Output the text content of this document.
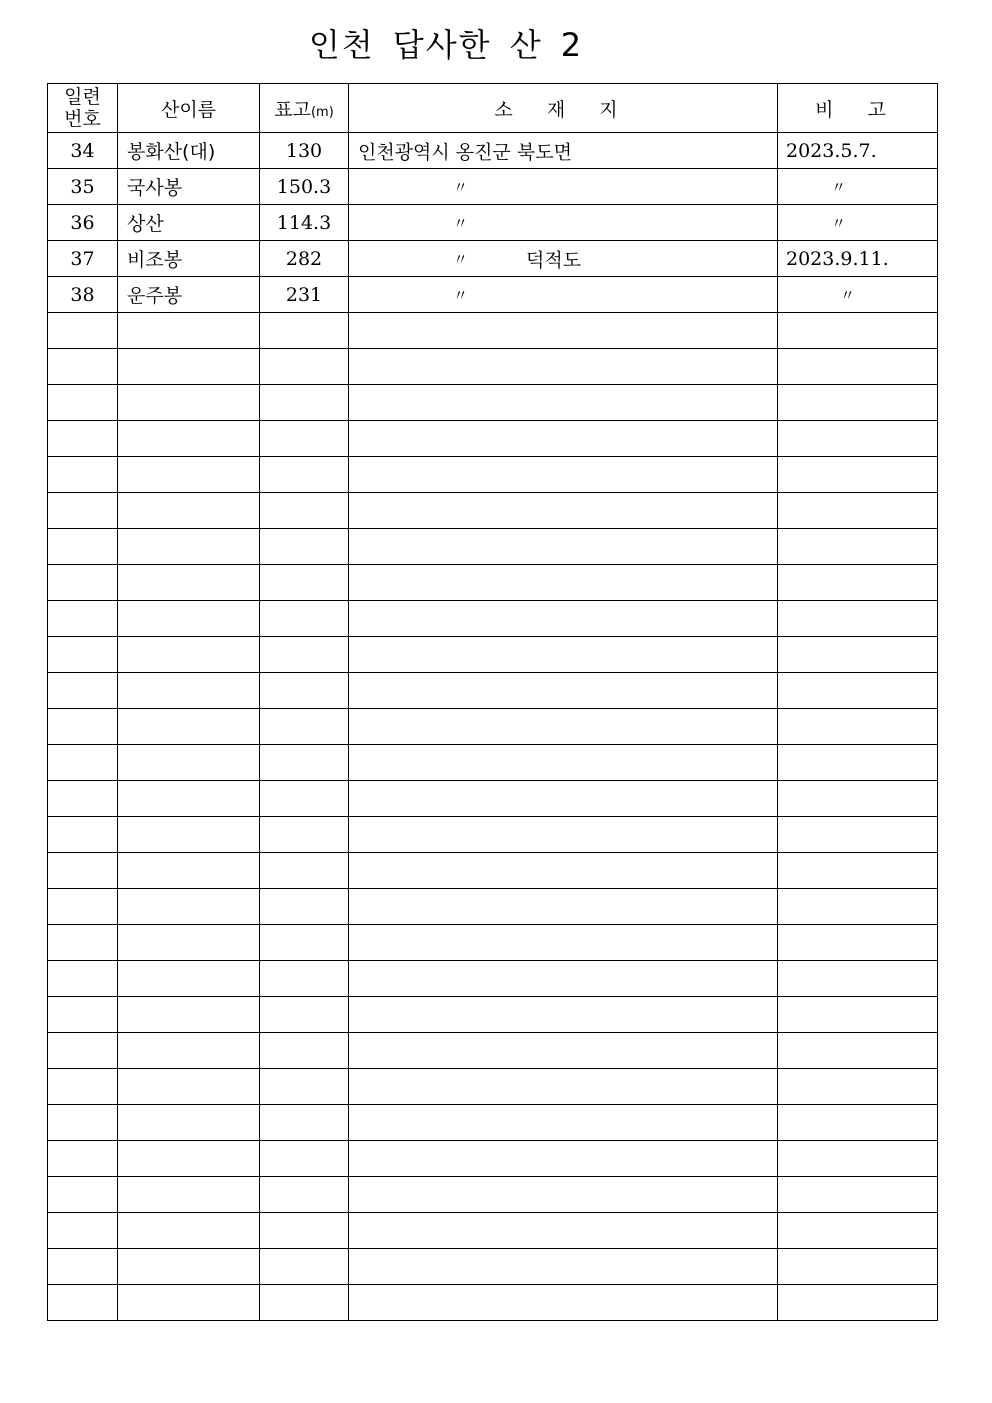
인천 답사한 산 2
일련
번호	산이름	표고(m)	소 재 지	비 고
34	봉화산(대)	130	인천광역시 옹진군 북도면	2023.5.7.

35	국사봉	150.3	〃	〃

36	상산	114.3	〃	〃

37	비조봉	282	〃 덕적도	2023.9.11.

38	운주봉	231	〃	〃
